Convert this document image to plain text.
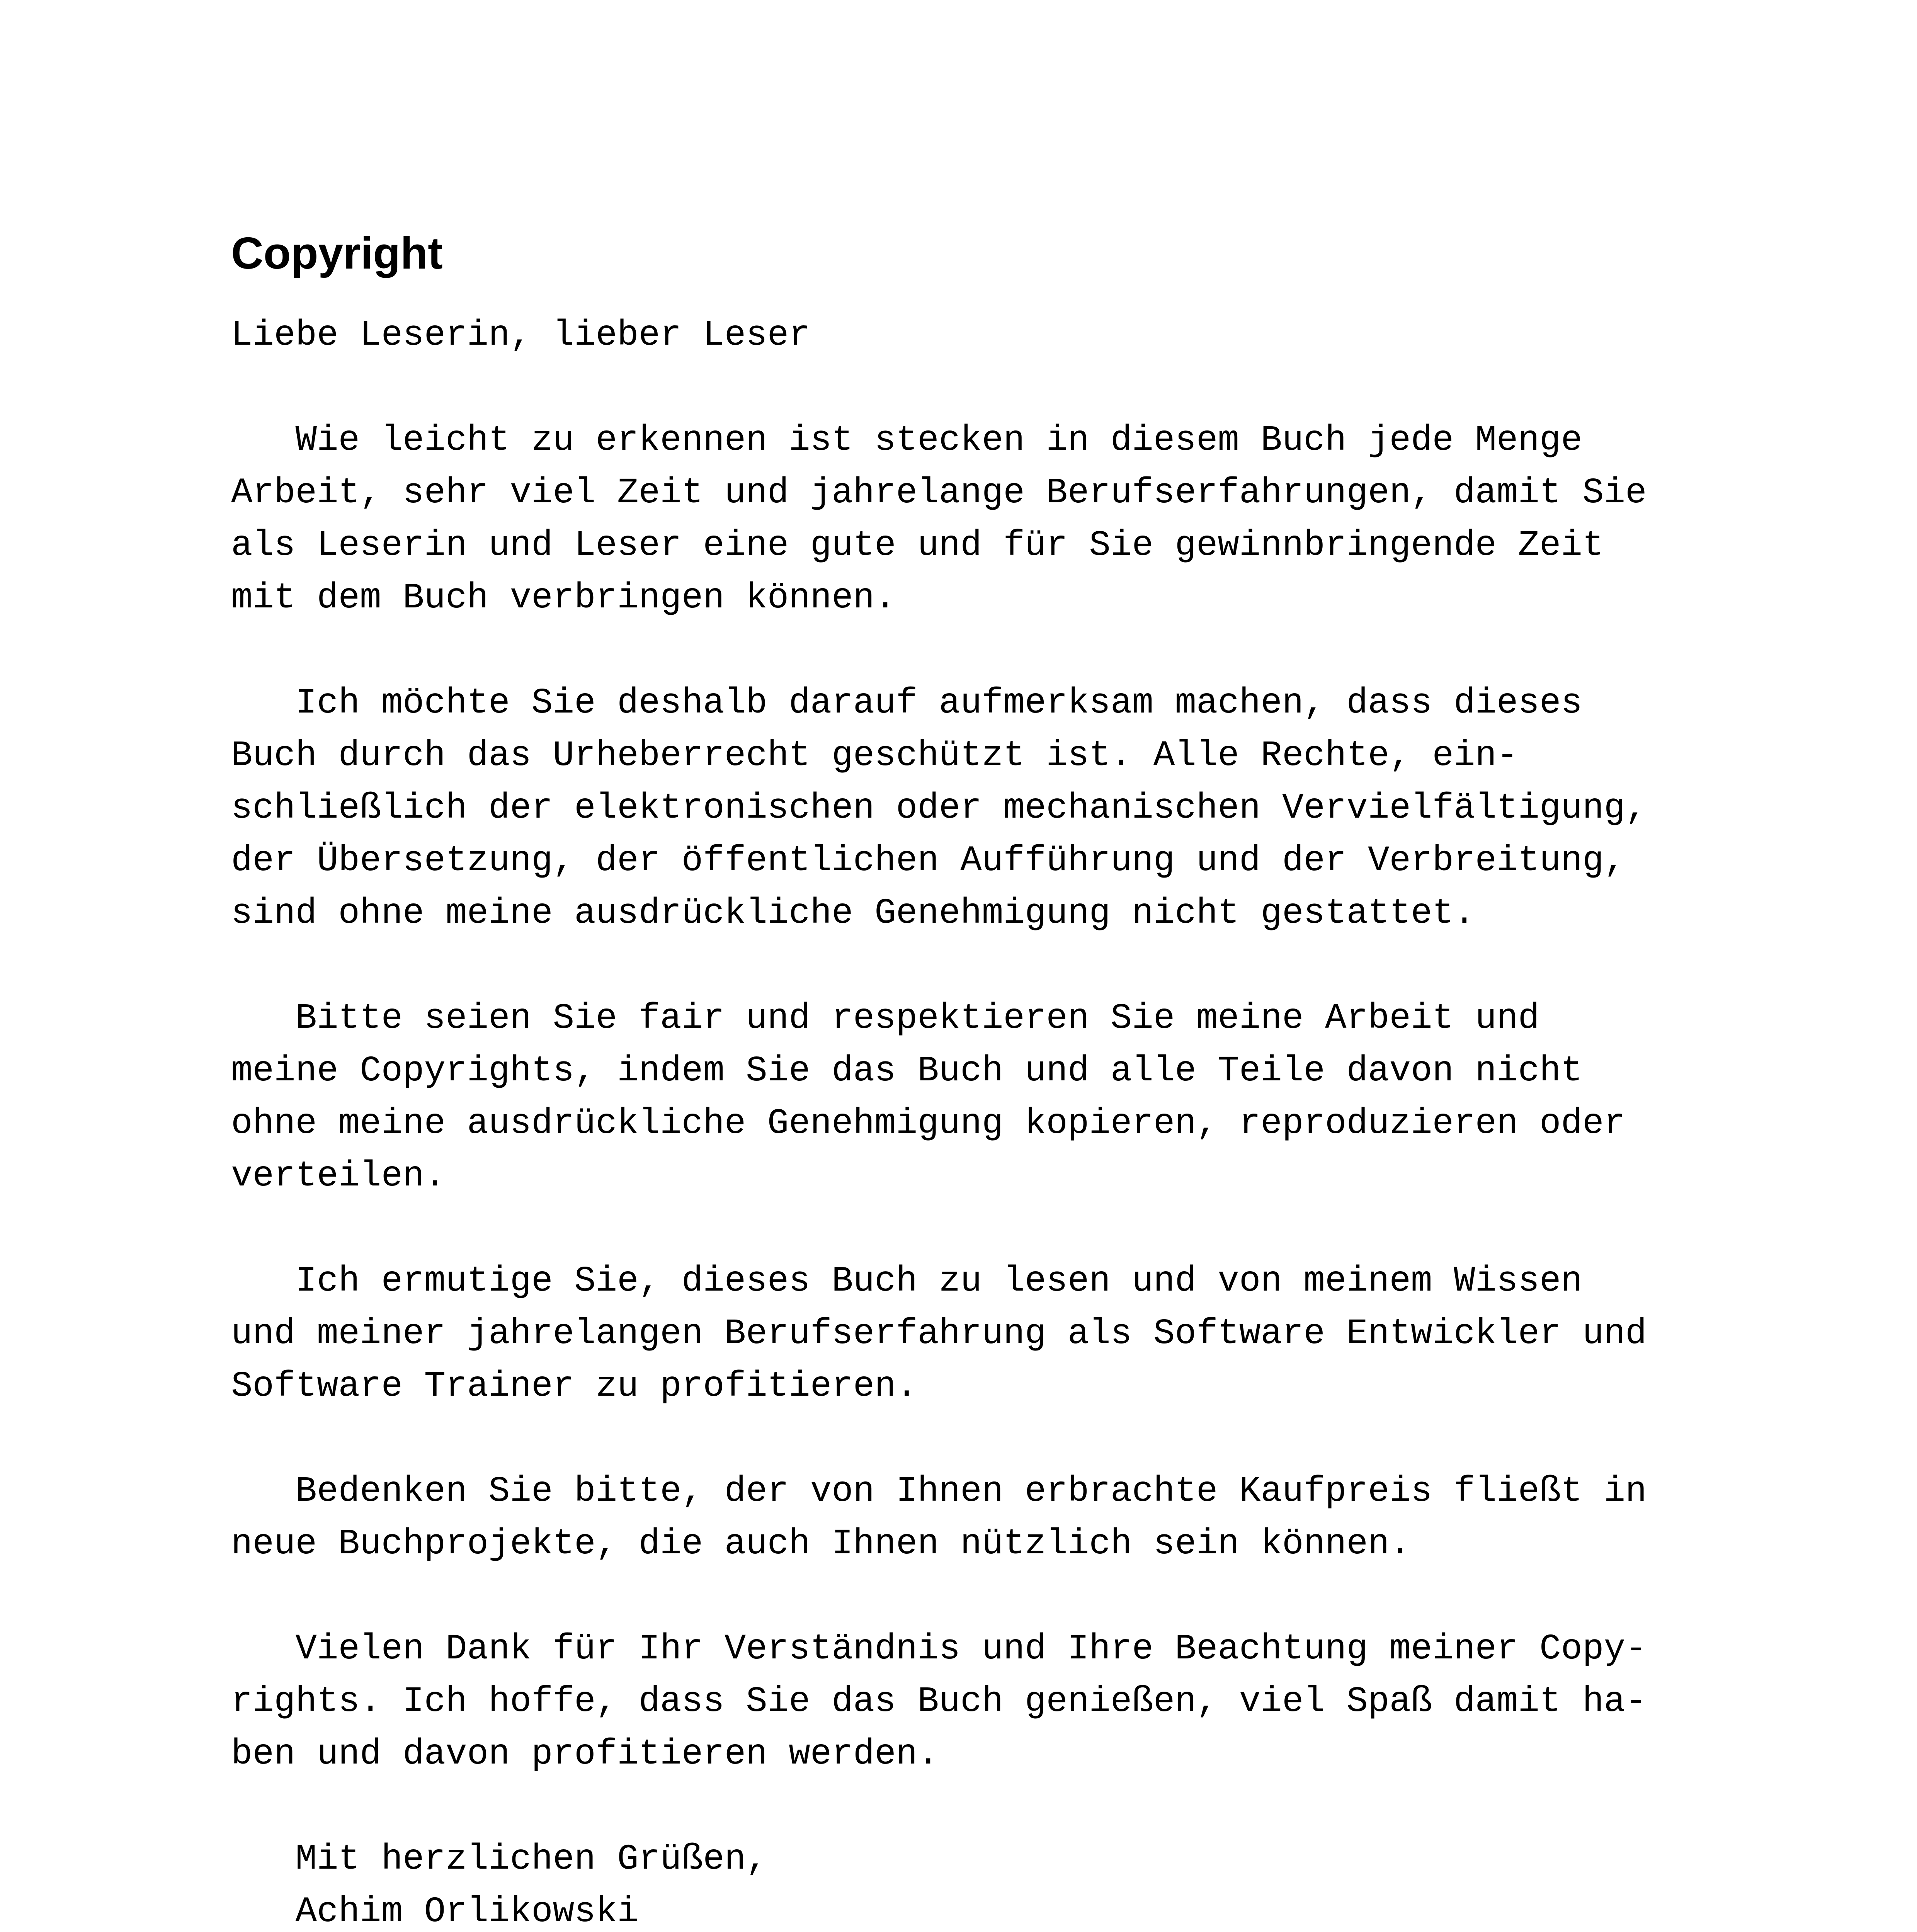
Copyright

Liebe Leserin, lieber Leser

Wie leicht zu erkennen ist stecken in diesem Buch jede Menge
Arbeit, sehr viel Zeit und jahrelange Berufserfahrungen, damit Sie
als Leserin und Leser eine gute und für Sie gewinnbringende Zeit
mit dem Buch verbringen können.

Ich möchte Sie deshalb darauf aufmerksam machen, dass dieses
Buch durch das Urheberrecht geschützt ist. Alle Rechte, ein-
schließlich der elektronischen oder mechanischen Vervielfältigung,
der Übersetzung, der öffentlichen Aufführung und der Verbreitung,
sind ohne meine ausdrückliche Genehmigung nicht gestattet.

Bitte seien Sie fair und respektieren Sie meine Arbeit und
meine Copyrights, indem Sie das Buch und alle Teile davon nicht
ohne meine ausdrückliche Genehmigung kopieren, reproduzieren oder
verteilen.

Ich ermutige Sie, dieses Buch zu lesen und von meinem Wissen
und meiner jahrelangen Berufserfahrung als Software Entwickler und
Software Trainer zu profitieren.

Bedenken Sie bitte, der von Ihnen erbrachte Kaufpreis fließt in
neue Buchprojekte, die auch Ihnen nützlich sein können.

Vielen Dank für Ihr Verständnis und Ihre Beachtung meiner Copy-
rights. Ich hoffe, dass Sie das Buch genießen, viel Spaß damit ha-
ben und davon profitieren werden.

Mit herzlichen Grüßen,
Achim Orlikowski
